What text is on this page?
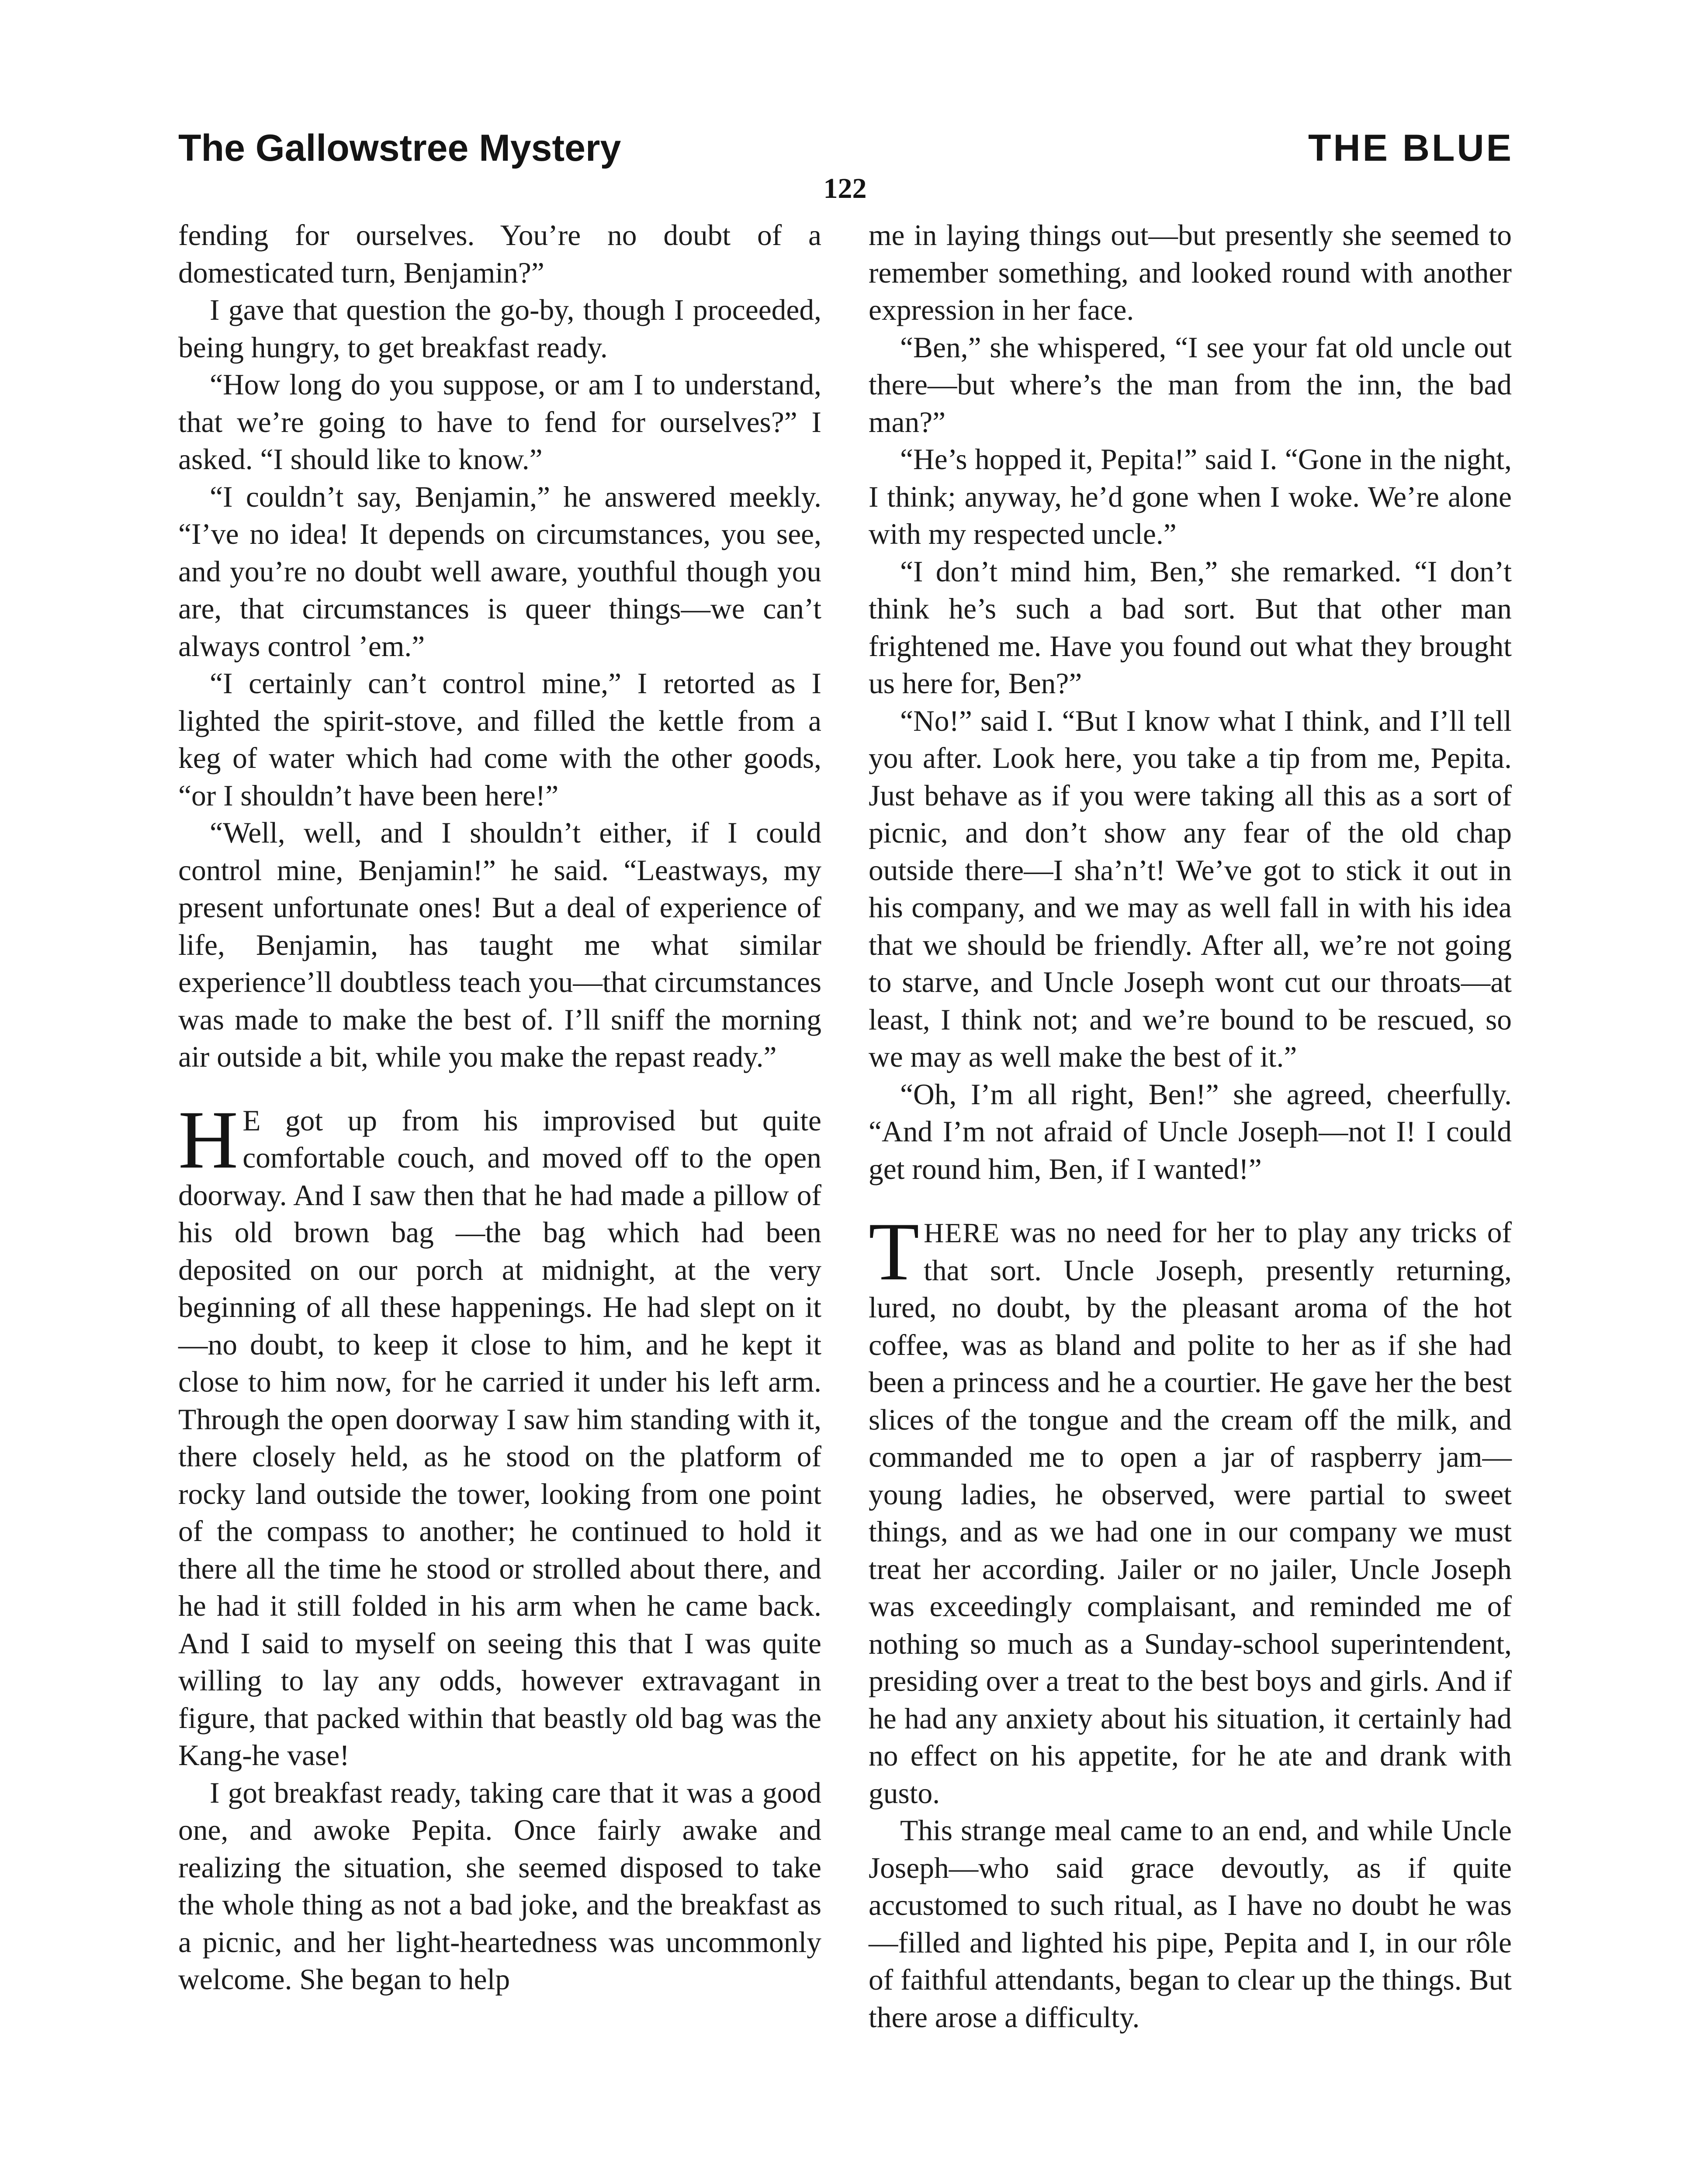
The Gallowstree Mystery	THE BLUE
122

fending for ourselves. You’re no doubt of a domesticated turn, Benjamin?”

I gave that question the go-by, though I proceeded, being hungry, to get breakfast ready.

“How long do you suppose, or am I to understand, that we’re going to have to fend for ourselves?” I asked. “I should like to know.”

“I couldn’t say, Benjamin,” he answered meekly. “I’ve no idea! It depends on circumstances, you see, and you’re no doubt well aware, youthful though you are, that circumstances is queer things—we can’t always control ’em.”

“I certainly can’t control mine,” I retorted as I lighted the spirit-stove, and filled the kettle from a keg of water which had come with the other goods, “or I shouldn’t have been here!”

“Well, well, and I shouldn’t either, if I could control mine, Benjamin!” he said. “Leastways, my present unfortunate ones! But a deal of experience of life, Benjamin, has taught me what similar experience’ll doubtless teach you—that circumstances was made to make the best of. I’ll sniff the morning air outside a bit, while you make the repast ready.”

H E got up from his improvised but quite comfortable couch, and moved off to the open doorway. And I saw then that he had made a pillow of his old brown bag —the bag which had been deposited on our porch at midnight, at the very beginning of all these happenings. He had slept on it—no doubt, to keep it close to him, and he kept it close to him now, for he carried it under his left arm. Through the open doorway I saw him standing with it, there closely held, as he stood on the platform of rocky land outside the tower, looking from one point of the compass to another; he continued to hold it there all the time he stood or strolled about there, and he had it still folded in his arm when he came back. And I said to myself on seeing this that I was quite willing to lay any odds, however extravagant in figure, that packed within that beastly old bag was the Kang-he vase!

I got breakfast ready, taking care that it was a good one, and awoke Pepita. Once fairly awake and realizing the situation, she seemed disposed to take the whole thing as not a bad joke, and the breakfast as a picnic, and her light-heartedness was uncommonly welcome. She began to help

me in laying things out—but presently she seemed to remember something, and looked round with another expression in her face.

“Ben,” she whispered, “I see your fat old uncle out there—but where’s the man from the inn, the bad man?”

“He’s hopped it, Pepita!” said I. “Gone in the night, I think; anyway, he’d gone when I woke. We’re alone with my respected uncle.”

“I don’t mind him, Ben,” she remarked. “I don’t think he’s such a bad sort. But that other man frightened me. Have you found out what they brought us here for, Ben?”

“No!” said I. “But I know what I think, and I’ll tell you after. Look here, you take a tip from me, Pepita. Just behave as if you were taking all this as a sort of picnic, and don’t show any fear of the old chap outside there—I sha’n’t! We’ve got to stick it out in his company, and we may as well fall in with his idea that we should be friendly. After all, we’re not going to starve, and Uncle Joseph wont cut our throats—at least, I think not; and we’re bound to be rescued, so we may as well make the best of it.”

“Oh, I’m all right, Ben!” she agreed, cheerfully. “And I’m not afraid of Uncle Joseph—not I! I could get round him, Ben, if I wanted!”

THERE was no need for her to play any tricks of that sort. Uncle Joseph, presently returning, lured, no doubt, by the pleasant aroma of the hot coffee, was as bland and polite to her as if she had been a princess and he a courtier. He gave her the best slices of the tongue and the cream off the milk, and commanded me to open a jar of raspberry jam—young ladies, he observed, were partial to sweet things, and as we had one in our company we must treat her according. Jailer or no jailer, Uncle Joseph was exceedingly complaisant, and reminded me of nothing so much as a Sunday-school superintendent, presiding over a treat to the best boys and girls. And if he had any anxiety about his situation, it certainly had no effect on his appetite, for he ate and drank with gusto.

This strange meal came to an end, and while Uncle Joseph—who said grace devoutly, as if quite accustomed to such ritual, as I have no doubt he was—filled and lighted his pipe, Pepita and I, in our rôle of faithful attendants, began to clear up the things. But there arose a difficulty.
